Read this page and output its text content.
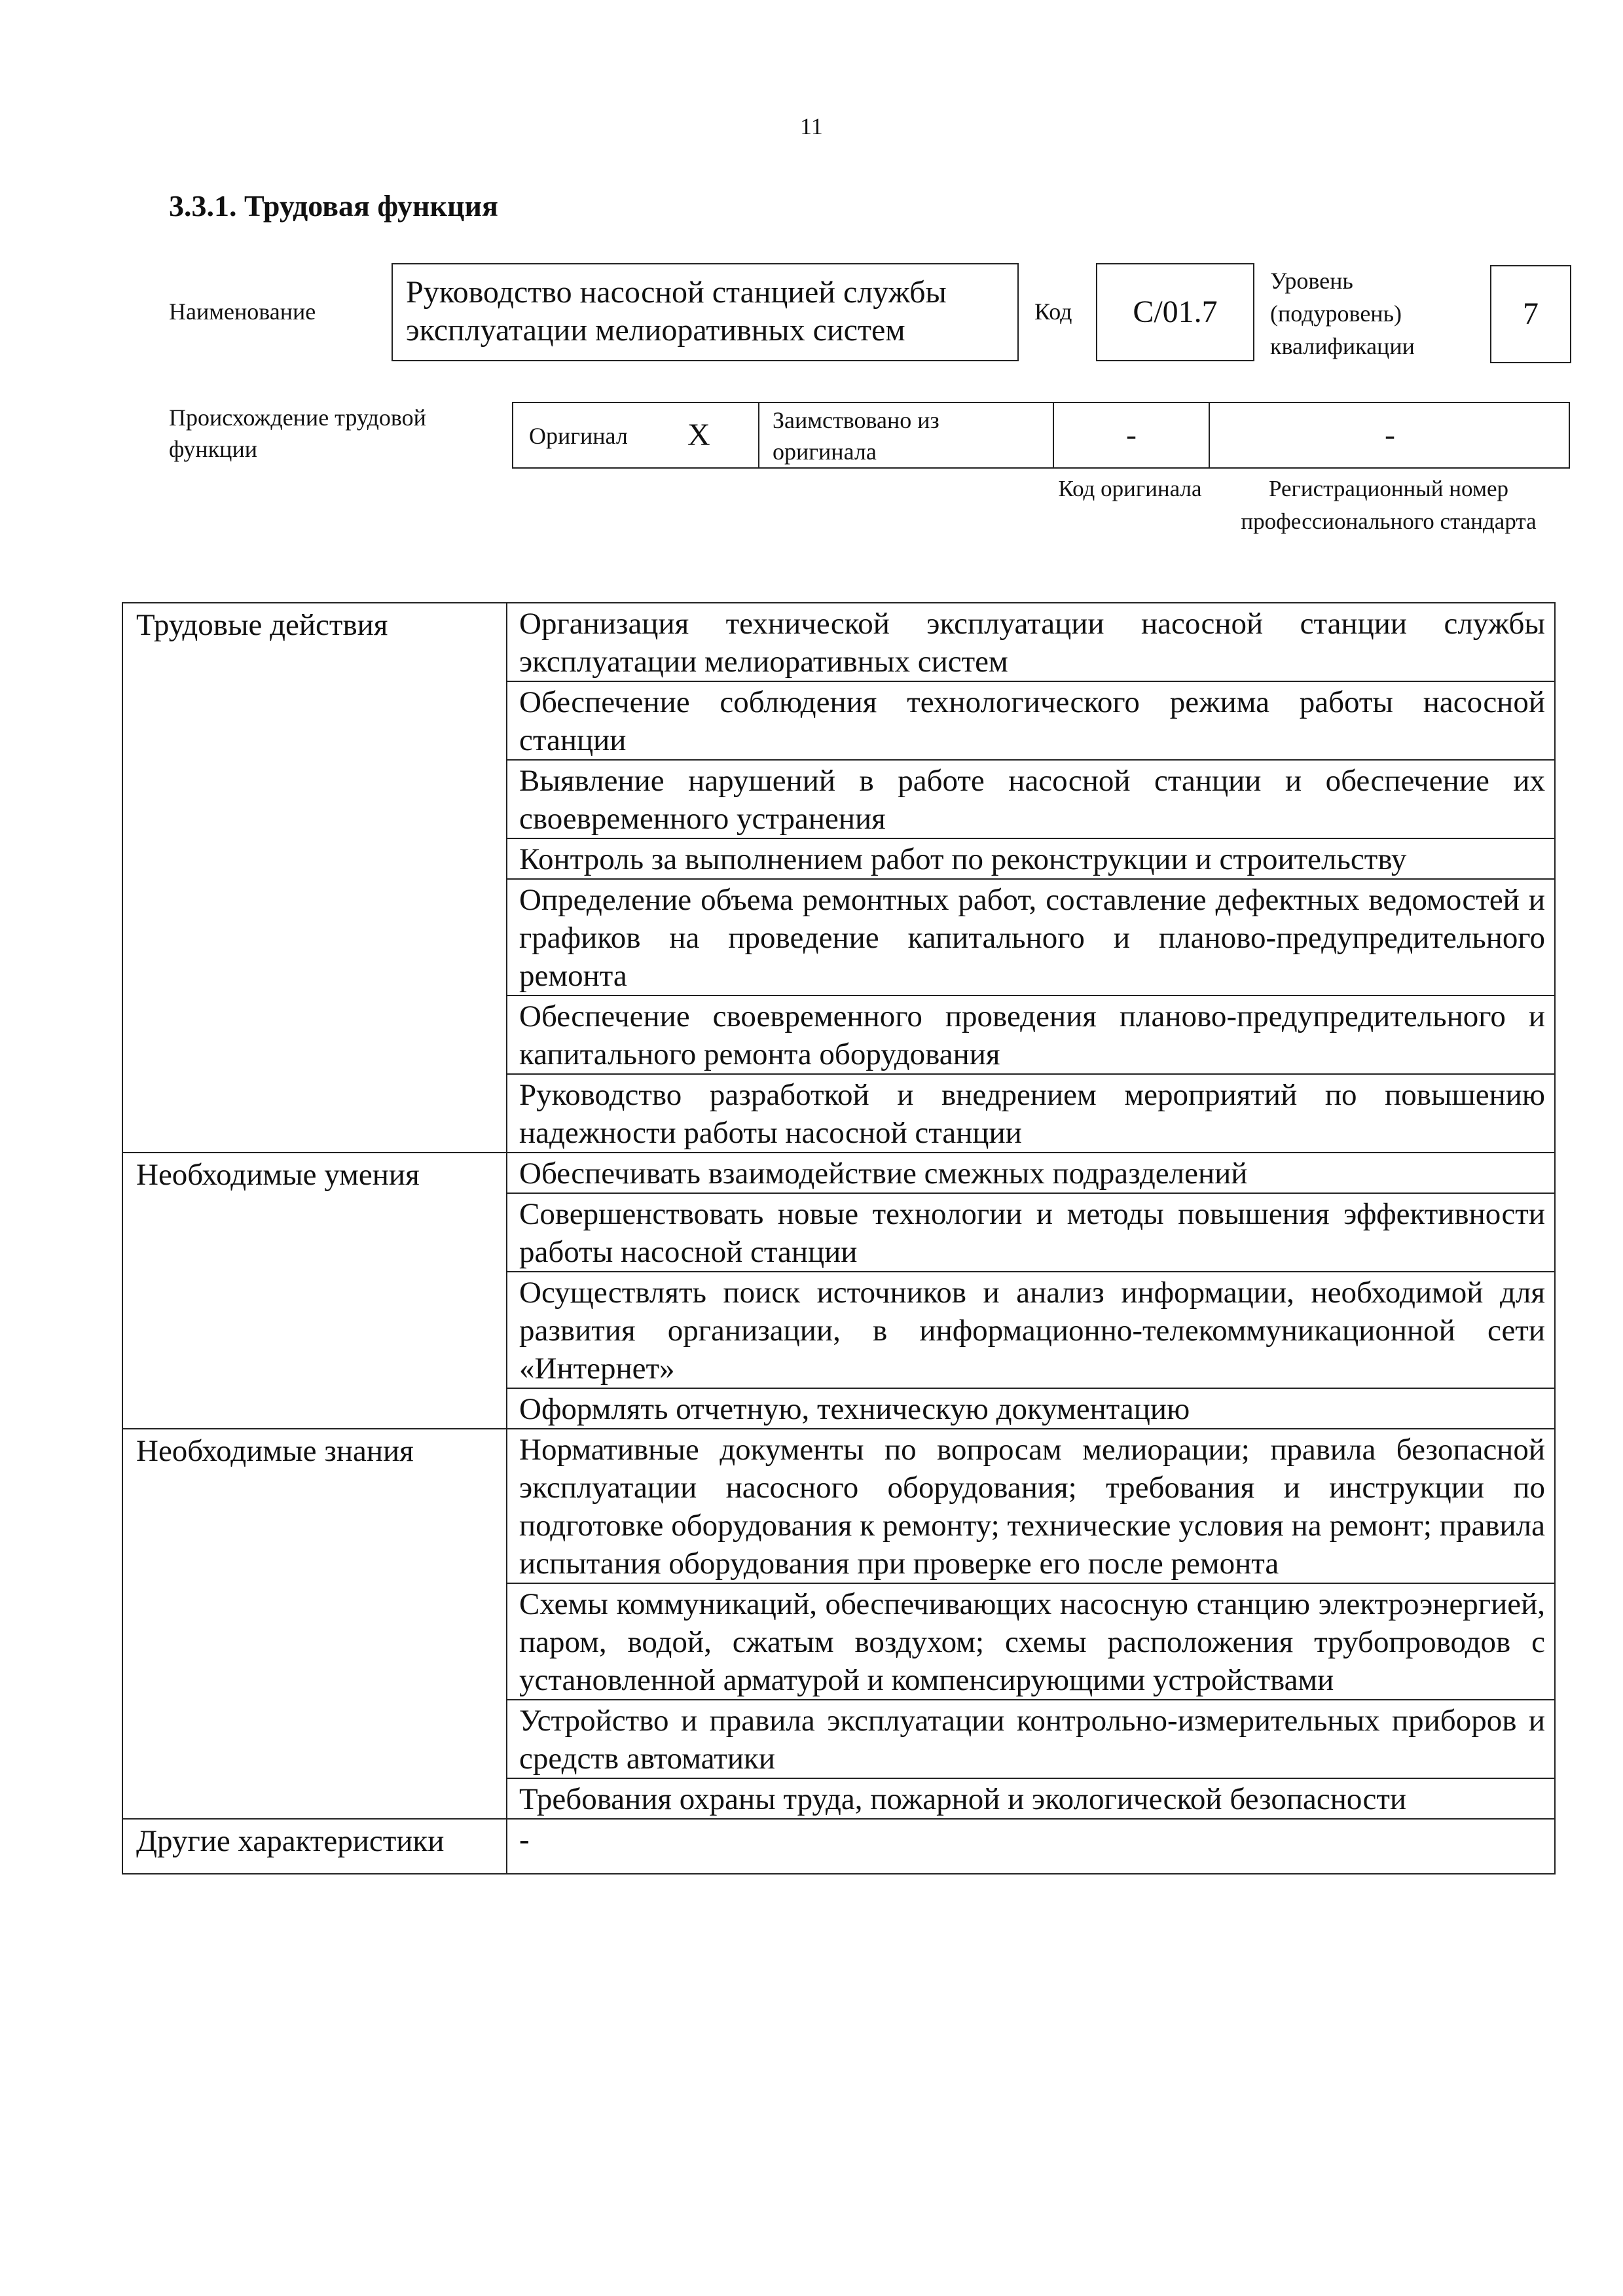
11
3.3.1. Трудовая функция
Наименование
Руководство насосной станцией службы эксплуатации мелиоративных систем
Код C/01.7
Уровень (подуровень) квалификации
7
Происхождение трудовой функции	Оригинал X	Заимствовано из оригинала	-	-
Код оригинала	Регистрационный номер профессионального стандарта
Трудовые действия	Организация технической эксплуатации насосной станции службы эксплуатации мелиоративных систем
	Обеспечение соблюдения технологического режима работы насосной станции
	Выявление нарушений в работе насосной станции и обеспечение их своевременного устранения
	Контроль за выполнением работ по реконструкции и строительству
	Определение объема ремонтных работ, составление дефектных ведомостей и графиков на проведение капитального и планово-предупредительного ремонта
	Обеспечение своевременного проведения планово-предупредительного и капитального ремонта оборудования
	Руководство разработкой и внедрением мероприятий по повышению надежности работы насосной станции
Необходимые умения	Обеспечивать взаимодействие смежных подразделений
	Совершенствовать новые технологии и методы повышения эффективности работы насосной станции
	Осуществлять поиск источников и анализ информации, необходимой для развития организации, в информационно-телекоммуникационной сети «Интернет»
	Оформлять отчетную, техническую документацию
Необходимые знания	Нормативные документы по вопросам мелиорации; правила безопасной эксплуатации насосного оборудования; требования и инструкции по подготовке оборудования к ремонту; технические условия на ремонт; правила испытания оборудования при проверке его после ремонта
	Схемы коммуникаций, обеспечивающих насосную станцию электроэнергией, паром, водой, сжатым воздухом; схемы расположения трубопроводов с установленной арматурой и компенсирующими устройствами
	Устройство и правила эксплуатации контрольно-измерительных приборов и средств автоматики
	Требования охраны труда, пожарной и экологической безопасности
Другие характеристики	-
